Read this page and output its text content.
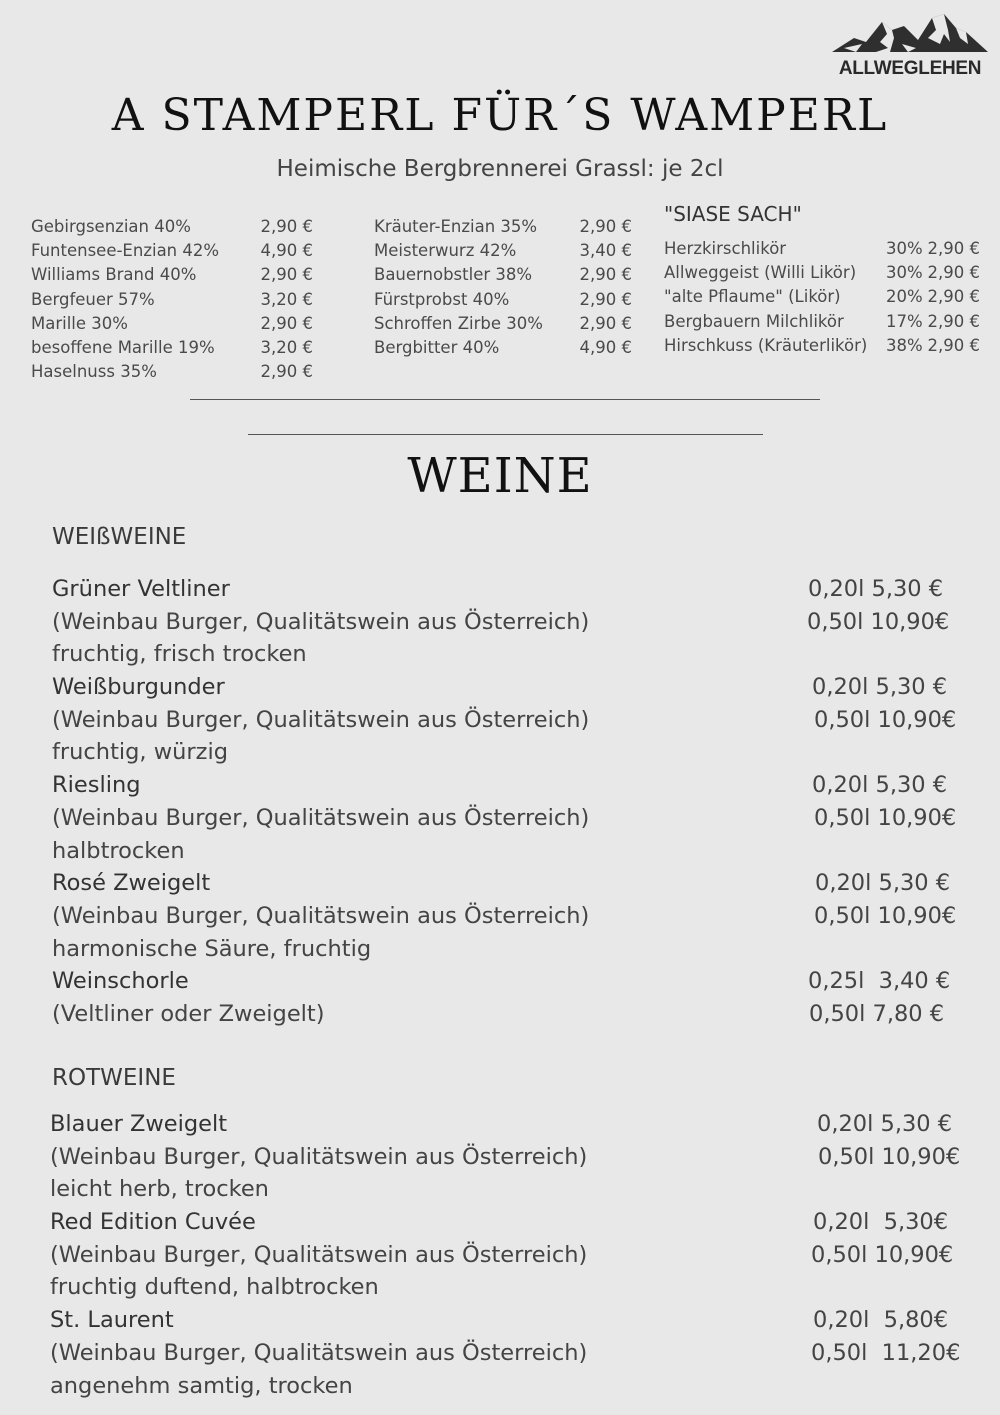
ALLWEGLEHEN
A STAMPERL FÜR´S WAMPERL
Heimische Bergbrennerei Grassl: je 2cl
Gebirgsenzian 40%	2,90 €
Funtensee-Enzian 42%	4,90 €
Williams Brand 40%	2,90 €
Bergfeuer 57%	3,20 €
Marille 30%	2,90 €
besoffene Marille 19%	3,20 €
Haselnuss 35%	2,90 €
Kräuter-Enzian 35%	2,90 €
Meisterwurz 42%	3,40 €
Bauernobstler 38%	2,90 €
Fürstprobst 40%	2,90 €
Schroffen Zirbe 30% 2,90 €
Bergbitter 40%	4,90 €
"SIASE SACH"
Herzkirschlikör	30% 2,90 €
Allweggeist (Willi Likör) 30% 2,90 €
"alte Pflaume" (Likör)	20% 2,90 €
Bergbauern Milchlikör	17% 2,90 €
Hirschkuss (Kräuterlikör) 38% 2,90 €
WEINE
WEIßWEINE
Grüner Veltliner	0,20l 5,30 €
(Weinbau Burger, Qualitätswein aus Österreich)	0,50l 10,90€
fruchtig, frisch trocken
Weißburgunder	0,20l 5,30 €
(Weinbau Burger, Qualitätswein aus Österreich)	0,50l 10,90€
fruchtig, würzig
Riesling	0,20l 5,30 €
(Weinbau Burger, Qualitätswein aus Österreich)	0,50l 10,90€
halbtrocken
Rosé Zweigelt	0,20l 5,30 €
(Weinbau Burger, Qualitätswein aus Österreich)	0,50l 10,90€
harmonische Säure, fruchtig
Weinschorle	0,25l  3,40 €
(Veltliner oder Zweigelt)	0,50l 7,80 €
ROTWEINE
Blauer Zweigelt	0,20l 5,30 €
(Weinbau Burger, Qualitätswein aus Österreich)	0,50l 10,90€
leicht herb, trocken
Red Edition Cuvée	0,20l  5,30€
(Weinbau Burger, Qualitätswein aus Österreich)	0,50l 10,90€
fruchtig duftend, halbtrocken
St. Laurent	0,20l  5,80€
(Weinbau Burger, Qualitätswein aus Österreich)	0,50l  11,20€
angenehm samtig, trocken
